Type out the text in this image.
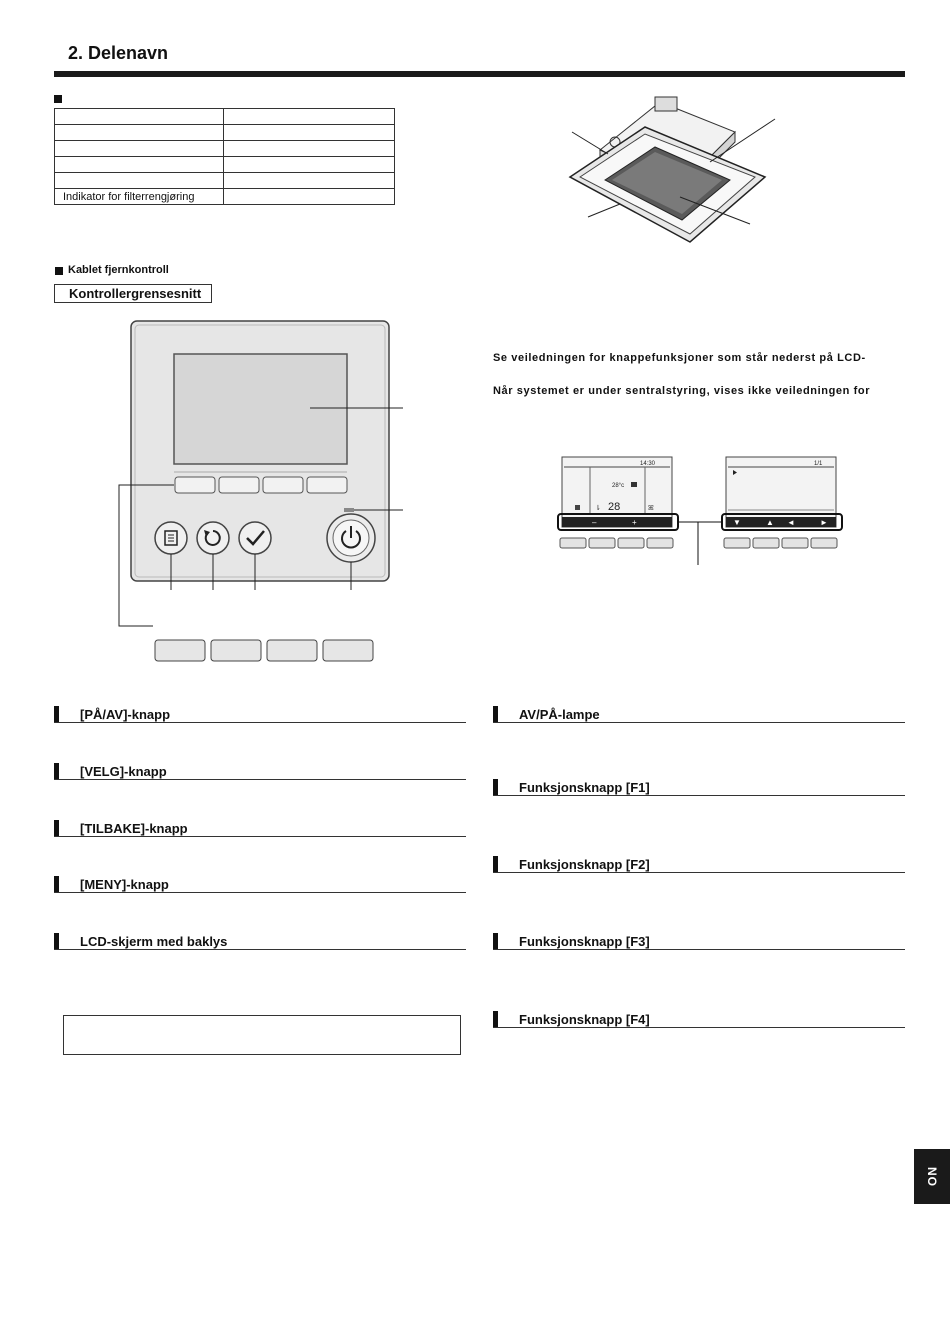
2. Delenavn

Indikator for filterrengjøring	
Kablet fjernkontroll
Kontrollergrensesnitt
Se veiledningen for knappefunksjoner som står nederst på LCD-
Når systemet er under sentralstyring, vises ikke veiledningen for
14:30
28°c
28
⇂	ꕤ
–	+
1/1
▼	▲ ◄	►
[PÅ/AV]-knapp
[VELG]-knapp
[TILBAKE]-knapp
[MENY]-knapp
LCD-skjerm med baklys
AV/PÅ-lampe
Funksjonsknapp [F1]
Funksjonsknapp [F2]
Funksjonsknapp [F3]
Funksjonsknapp [F4]
NO
